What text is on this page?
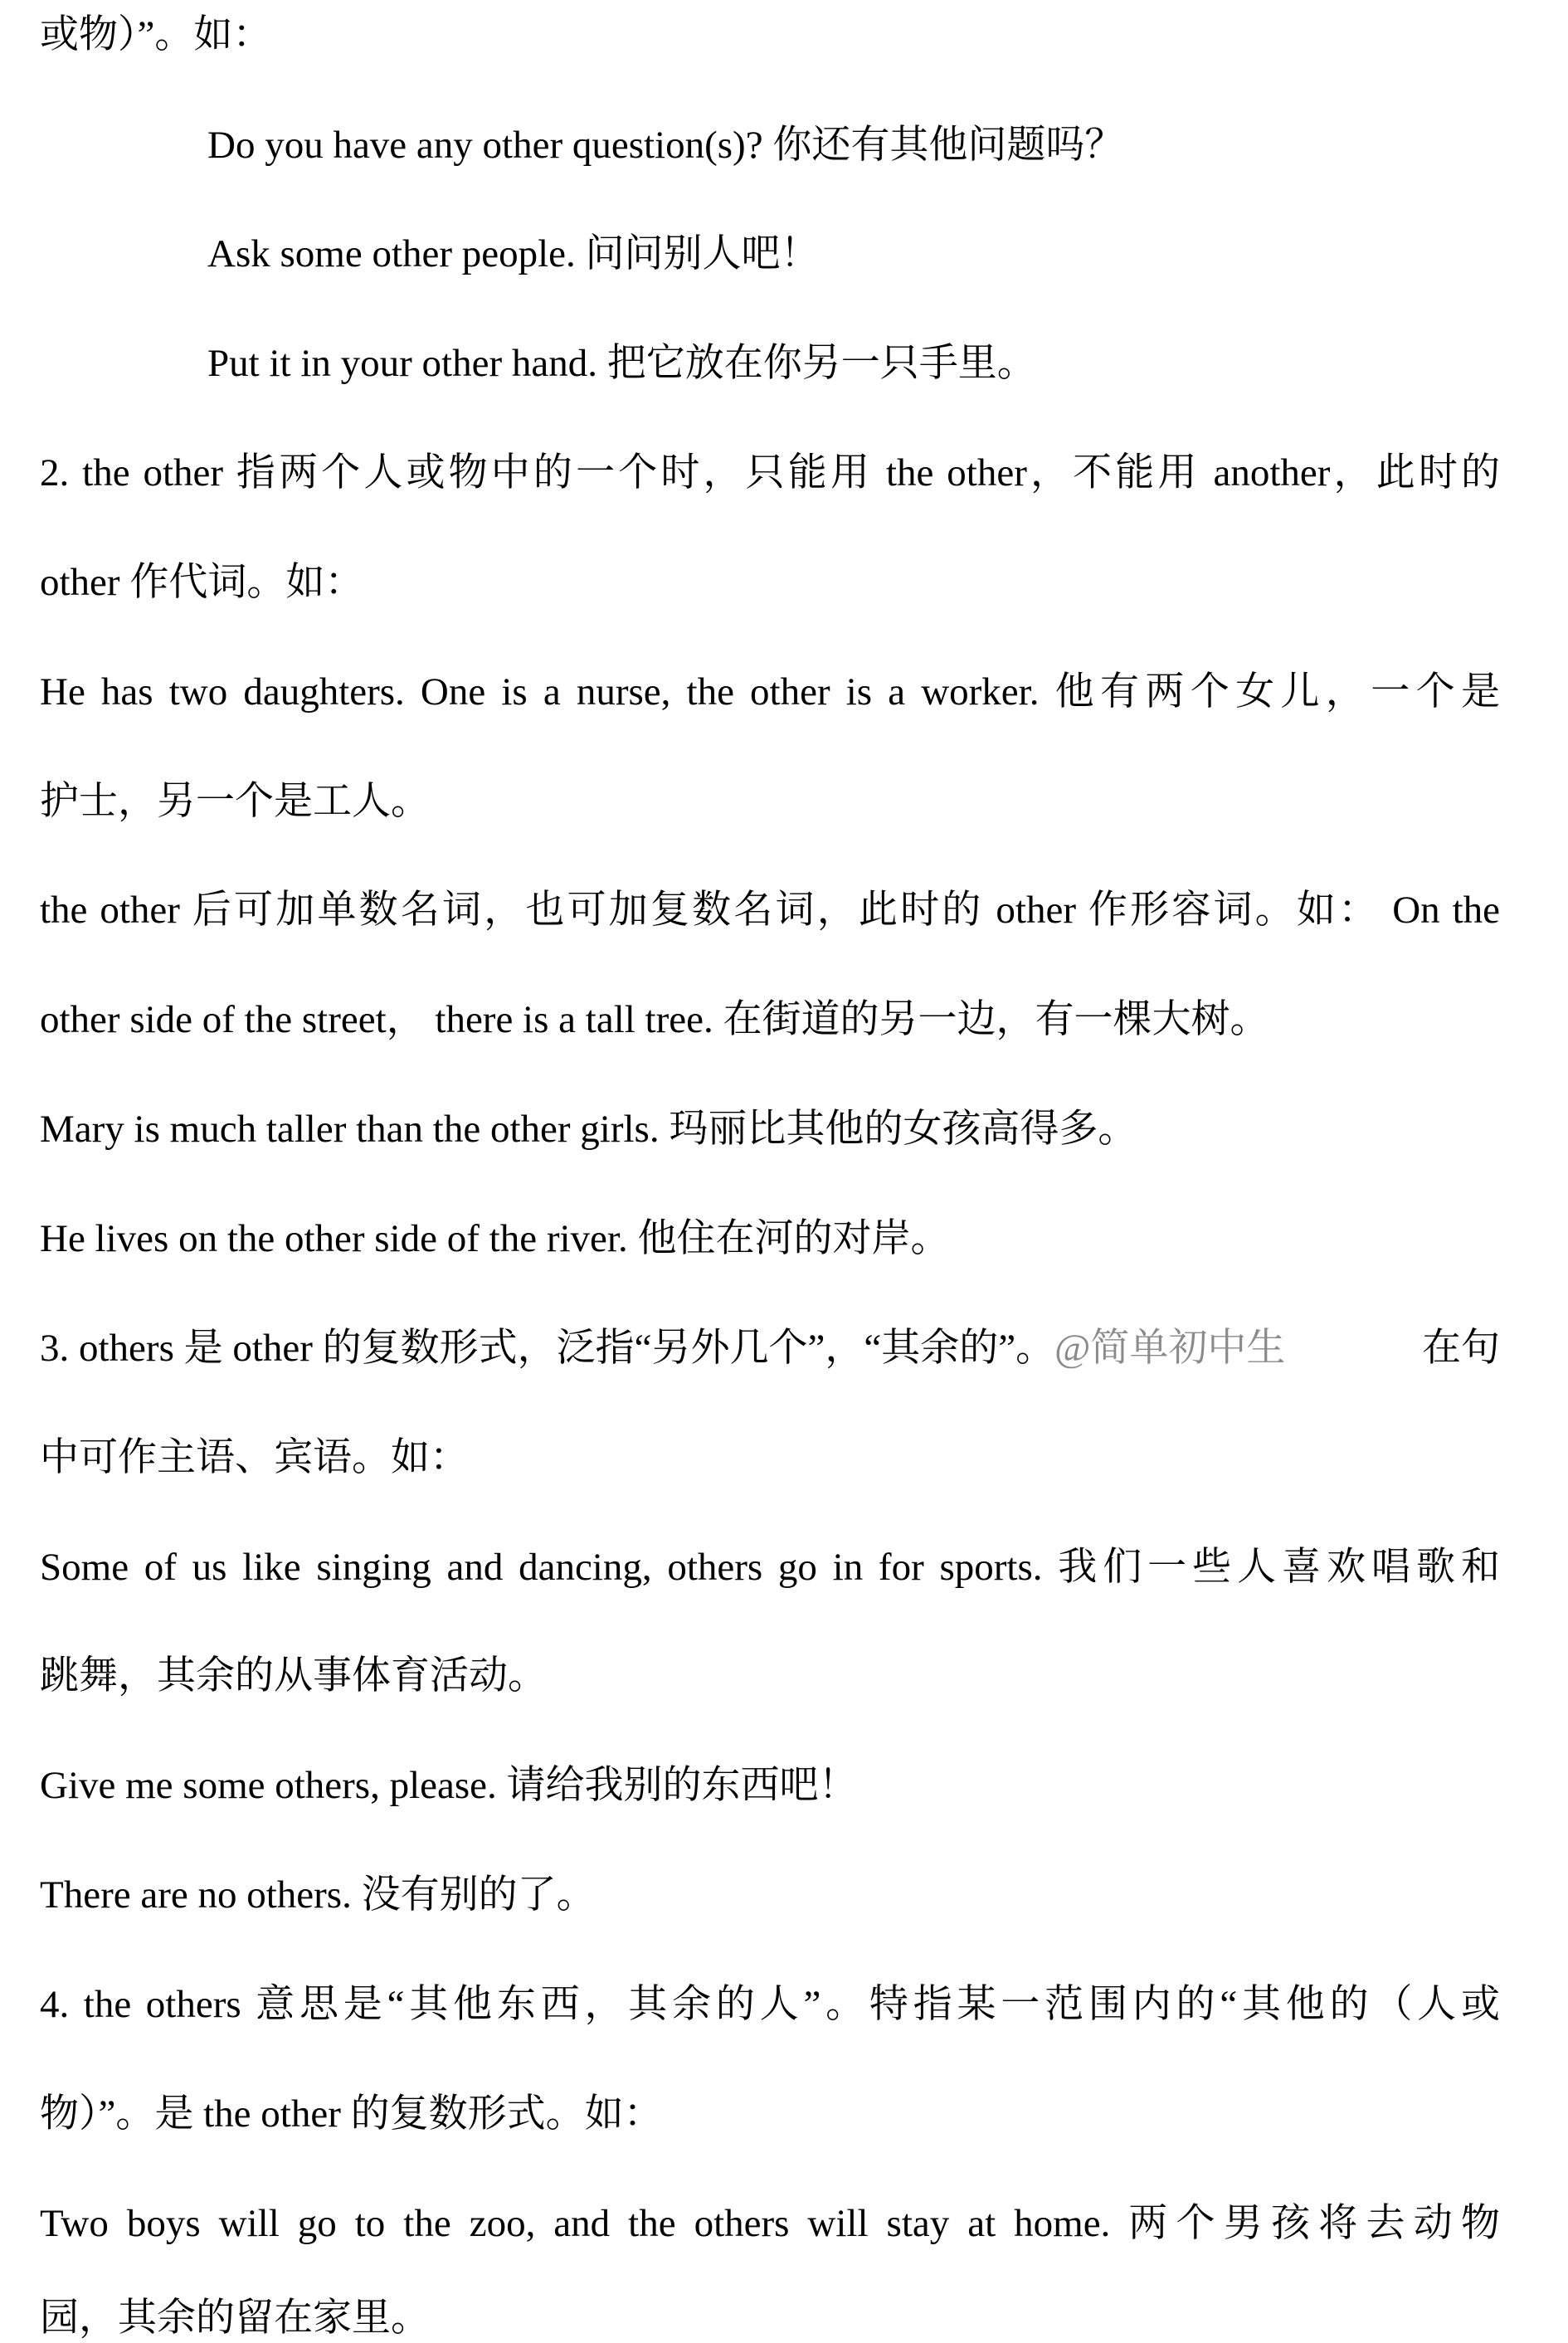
或物）”。如：
Do you have any other question(s)? 你还有其他问题吗？
Ask some other people. 问问别人吧！
Put it in your other hand. 把它放在你另一只手里。
2. the other 指两个人或物中的一个时，只能用 the other，不能用 another，此时的
other 作代词。如：
He has two daughters. One is a nurse, the other is a worker. 他有两个女儿，一个是
护士，另一个是工人。
the other 后可加单数名词，也可加复数名词，此时的 other 作形容词。如： On the
other side of the street， there is a tall tree. 在街道的另一边，有一棵大树。
Mary is much taller than the other girls. 玛丽比其他的女孩高得多。
He lives on the other side of the river. 他住在河的对岸。
3. others 是 other 的复数形式，泛指“另外几个”，“其余的”。@简单初中生	在句
中可作主语、宾语。如：
Some of us like singing and dancing, others go in for sports. 我们一些人喜欢唱歌和
跳舞，其余的从事体育活动。
Give me some others, please. 请给我别的东西吧！
There are no others. 没有别的了。
4. the others 意思是“其他东西，其余的人”。特指某一范围内的“其他的（人或
物）”。是 the other 的复数形式。如：
Two boys will go to the zoo, and the others will stay at home. 两个男孩将去动物
园，其余的留在家里。
